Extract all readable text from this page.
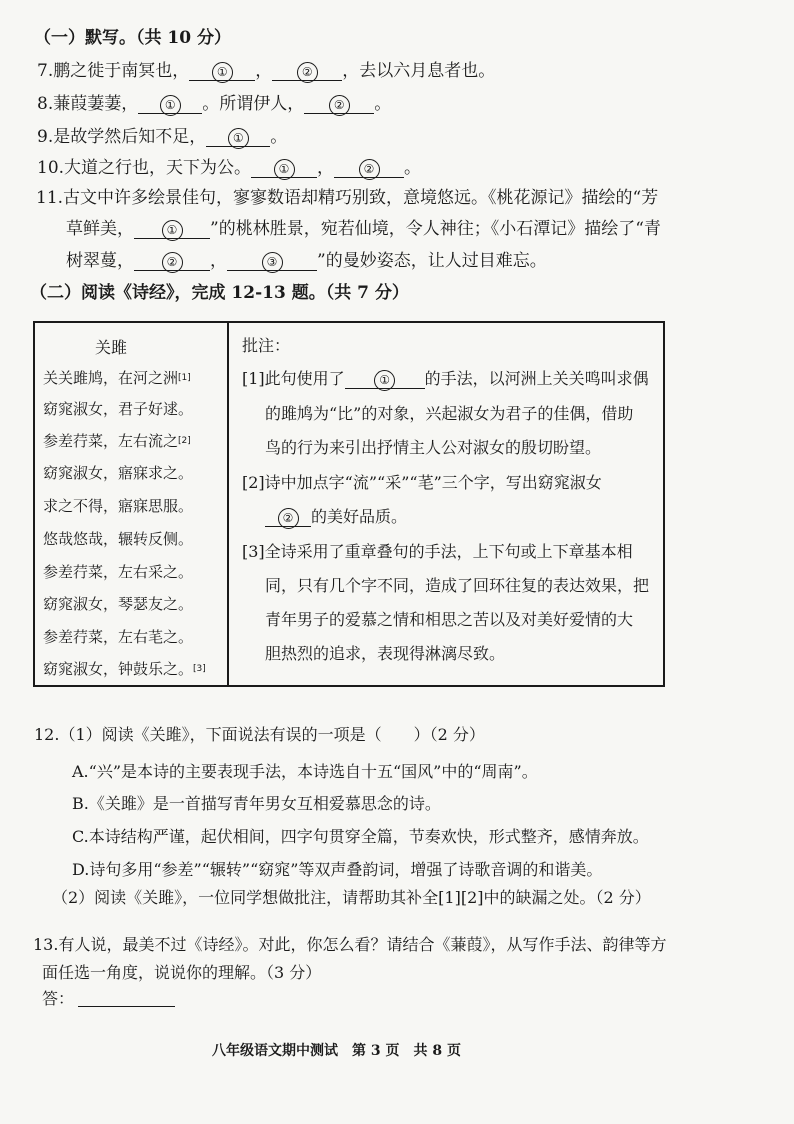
（一）默写。（共 10 分）
7.鹏之徙于南冥也， ① ， ② ，去以六月息者也。
8.蒹葭萋萋， ① 。所谓伊人， ② 。
9.是故学然后知不足， ① 。
10.大道之行也，天下为公。 ① ， ② 。
11.古文中许多绘景佳句，寥寥数语却精巧别致，意境悠远。《桃花源记》描绘的“芳
草鲜美，	① ”的桃林胜景，宛若仙境，令人神往；《小石潭记》描绘了“青
树翠蔓，	② ，	③ ”的曼妙姿态，让人过目难忘。
（二）阅读《诗经》，完成 12-13 题。（共 7 分）
关雎
关关雎鸠，在河之洲[1]
窈窕淑女，君子好逑。
参差荇菜，左右流之[2]
窈窕淑女，寤寐求之。
求之不得，寤寐思服。
悠哉悠哉，辗转反侧。
参差荇菜，左右采之。
窈窕淑女，琴瑟友之。
参差荇菜，左右芼之。
窈窕淑女，钟鼓乐之。[3]
批注：
[1]此句使用了	① 的手法，以河洲上关关鸣叫求偶
的雎鸠为“比”的对象，兴起淑女为君子的佳偶，借助
鸟的行为来引出抒情主人公对淑女的殷切盼望。
[2]诗中加点字“流”“采”“芼”三个字，写出窈窕淑女
② 的美好品质。
[3]全诗采用了重章叠句的手法，上下句或上下章基本相
同，只有几个字不同，造成了回环往复的表达效果，把
青年男子的爱慕之情和相思之苦以及对美好爱情的大
胆热烈的追求，表现得淋漓尽致。
12.（1）阅读《关雎》，下面说法有误的一项是（　　）（2 分）
A.“兴”是本诗的主要表现手法，本诗选自十五“国风”中的“周南”。
B.《关雎》是一首描写青年男女互相爱慕思念的诗。
C.本诗结构严谨，起伏相间，四字句贯穿全篇，节奏欢快，形式整齐，感情奔放。
D.诗句多用“参差”“辗转”“窈窕”等双声叠韵词，增强了诗歌音调的和谐美。
（2）阅读《关雎》，一位同学想做批注，请帮助其补全[1][2]中的缺漏之处。（2 分）
13.有人说，最美不过《诗经》。对此，你怎么看？请结合《蒹葭》，从写作手法、韵律等方
面任选一角度，说说你的理解。（3 分）
答：
八年级语文期中测试　第 3 页　共 8 页
